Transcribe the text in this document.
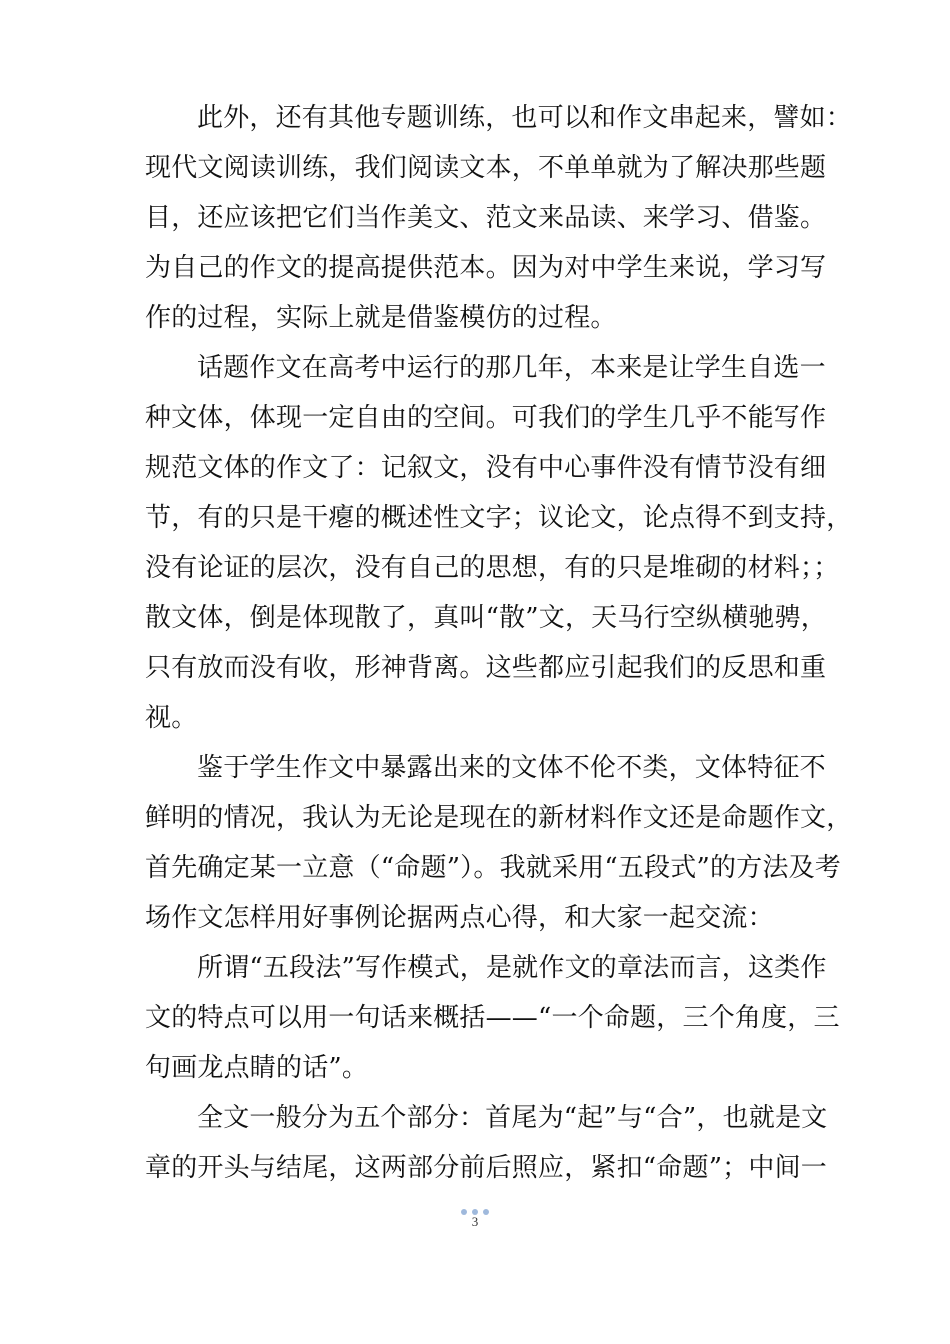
此外，还有其他专题训练，也可以和作文串起来，譬如：
现代文阅读训练，我们阅读文本，不单单就为了解决那些题
目，还应该把它们当作美文、范文来品读、来学习、借鉴。
为自己的作文的提高提供范本。因为对中学生来说，学习写
作的过程，实际上就是借鉴模仿的过程。
话题作文在高考中运行的那几年，本来是让学生自选一
种文体，体现一定自由的空间。可我们的学生几乎不能写作
规范文体的作文了：记叙文，没有中心事件没有情节没有细
节，有的只是干瘪的概述性文字；议论文，论点得不到支持，
没有论证的层次，没有自己的思想，有的只是堆砌的材料；；
散文体，倒是体现散了，真叫“散”文，天马行空纵横驰骋，
只有放而没有收，形神背离。这些都应引起我们的反思和重
视。
鉴于学生作文中暴露出来的文体不伦不类，文体特征不
鲜明的情况，我认为无论是现在的新材料作文还是命题作文，
首先确定某一立意（“命题”）。我就采用“五段式”的方法及考
场作文怎样用好事例论据两点心得，和大家一起交流：
所谓“五段法”写作模式，是就作文的章法而言，这类作
文的特点可以用一句话来概括——“一个命题，三个角度，三
句画龙点睛的话”。
全文一般分为五个部分：首尾为“起”与“合”，也就是文
章的开头与结尾，这两部分前后照应，紧扣“命题”；中间一
3
